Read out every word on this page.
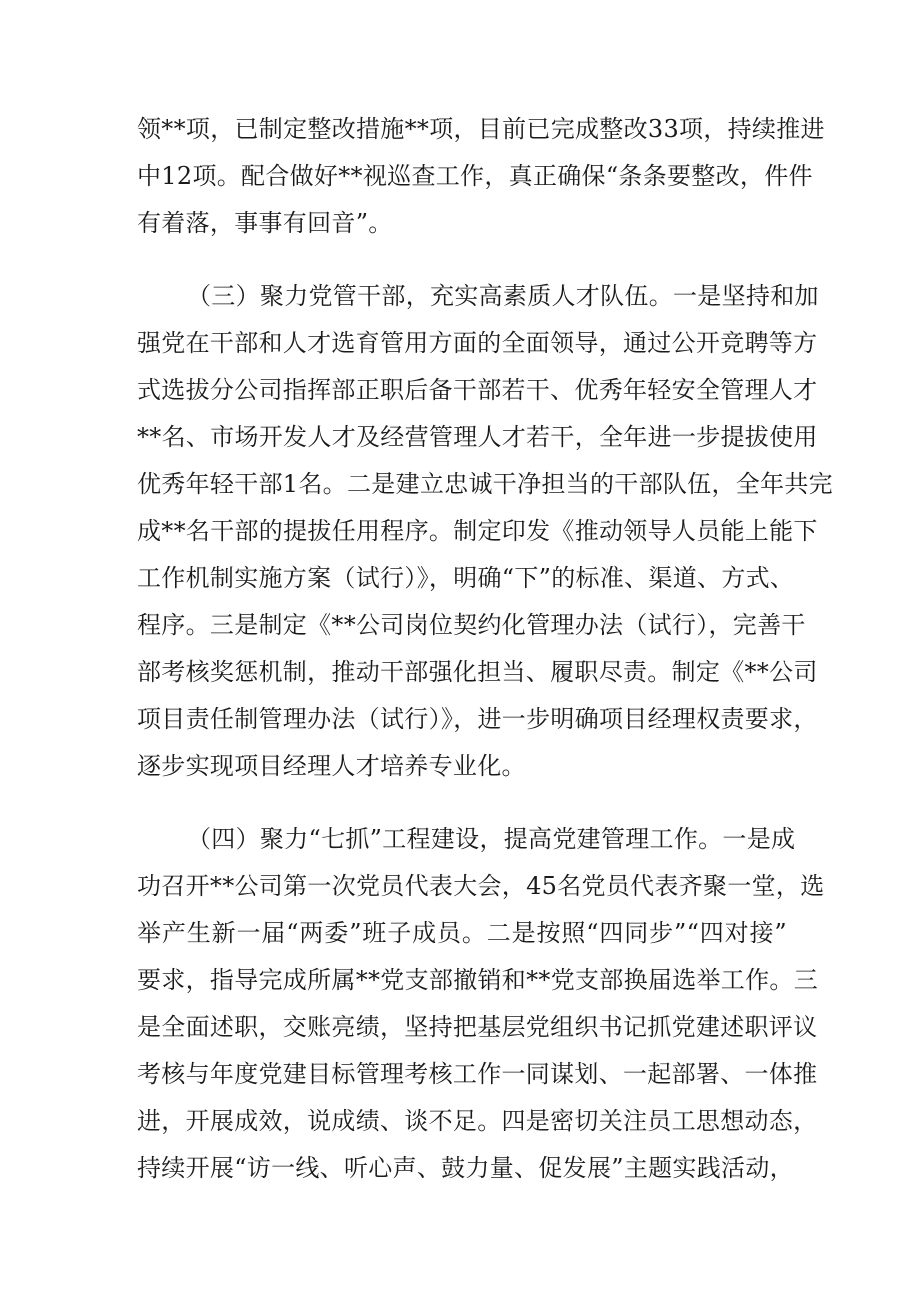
领**项，已制定整改措施**项，目前已完成整改33项，持续推进
中12项。配合做好**视巡查工作，真正确保“条条要整改，件件
有着落，事事有回音”。
（三）聚力党管干部，充实高素质人才队伍。一是坚持和加
强党在干部和人才选育管用方面的全面领导，通过公开竞聘等方
式选拔分公司指挥部正职后备干部若干、优秀年轻安全管理人才
**名、市场开发人才及经营管理人才若干，全年进一步提拔使用
优秀年轻干部1名。二是建立忠诚干净担当的干部队伍，全年共完
成**名干部的提拔任用程序。制定印发《推动领导人员能上能下
工作机制实施方案（试行）》，明确“下”的标准、渠道、方式、
程序。三是制定《**公司岗位契约化管理办法（试行），完善干
部考核奖惩机制，推动干部强化担当、履职尽责。制定《**公司
项目责任制管理办法（试行）》，进一步明确项目经理权责要求，
逐步实现项目经理人才培养专业化。
（四）聚力“七抓”工程建设，提高党建管理工作。一是成
功召开**公司第一次党员代表大会，45名党员代表齐聚一堂，选
举产生新一届“两委”班子成员。二是按照“四同步”“四对接”
要求，指导完成所属**党支部撤销和**党支部换届选举工作。三
是全面述职，交账亮绩，坚持把基层党组织书记抓党建述职评议
考核与年度党建目标管理考核工作一同谋划、一起部署、一体推
进，开展成效，说成绩、谈不足。四是密切关注员工思想动态，
持续开展“访一线、听心声、鼓力量、促发展”主题实践活动，
